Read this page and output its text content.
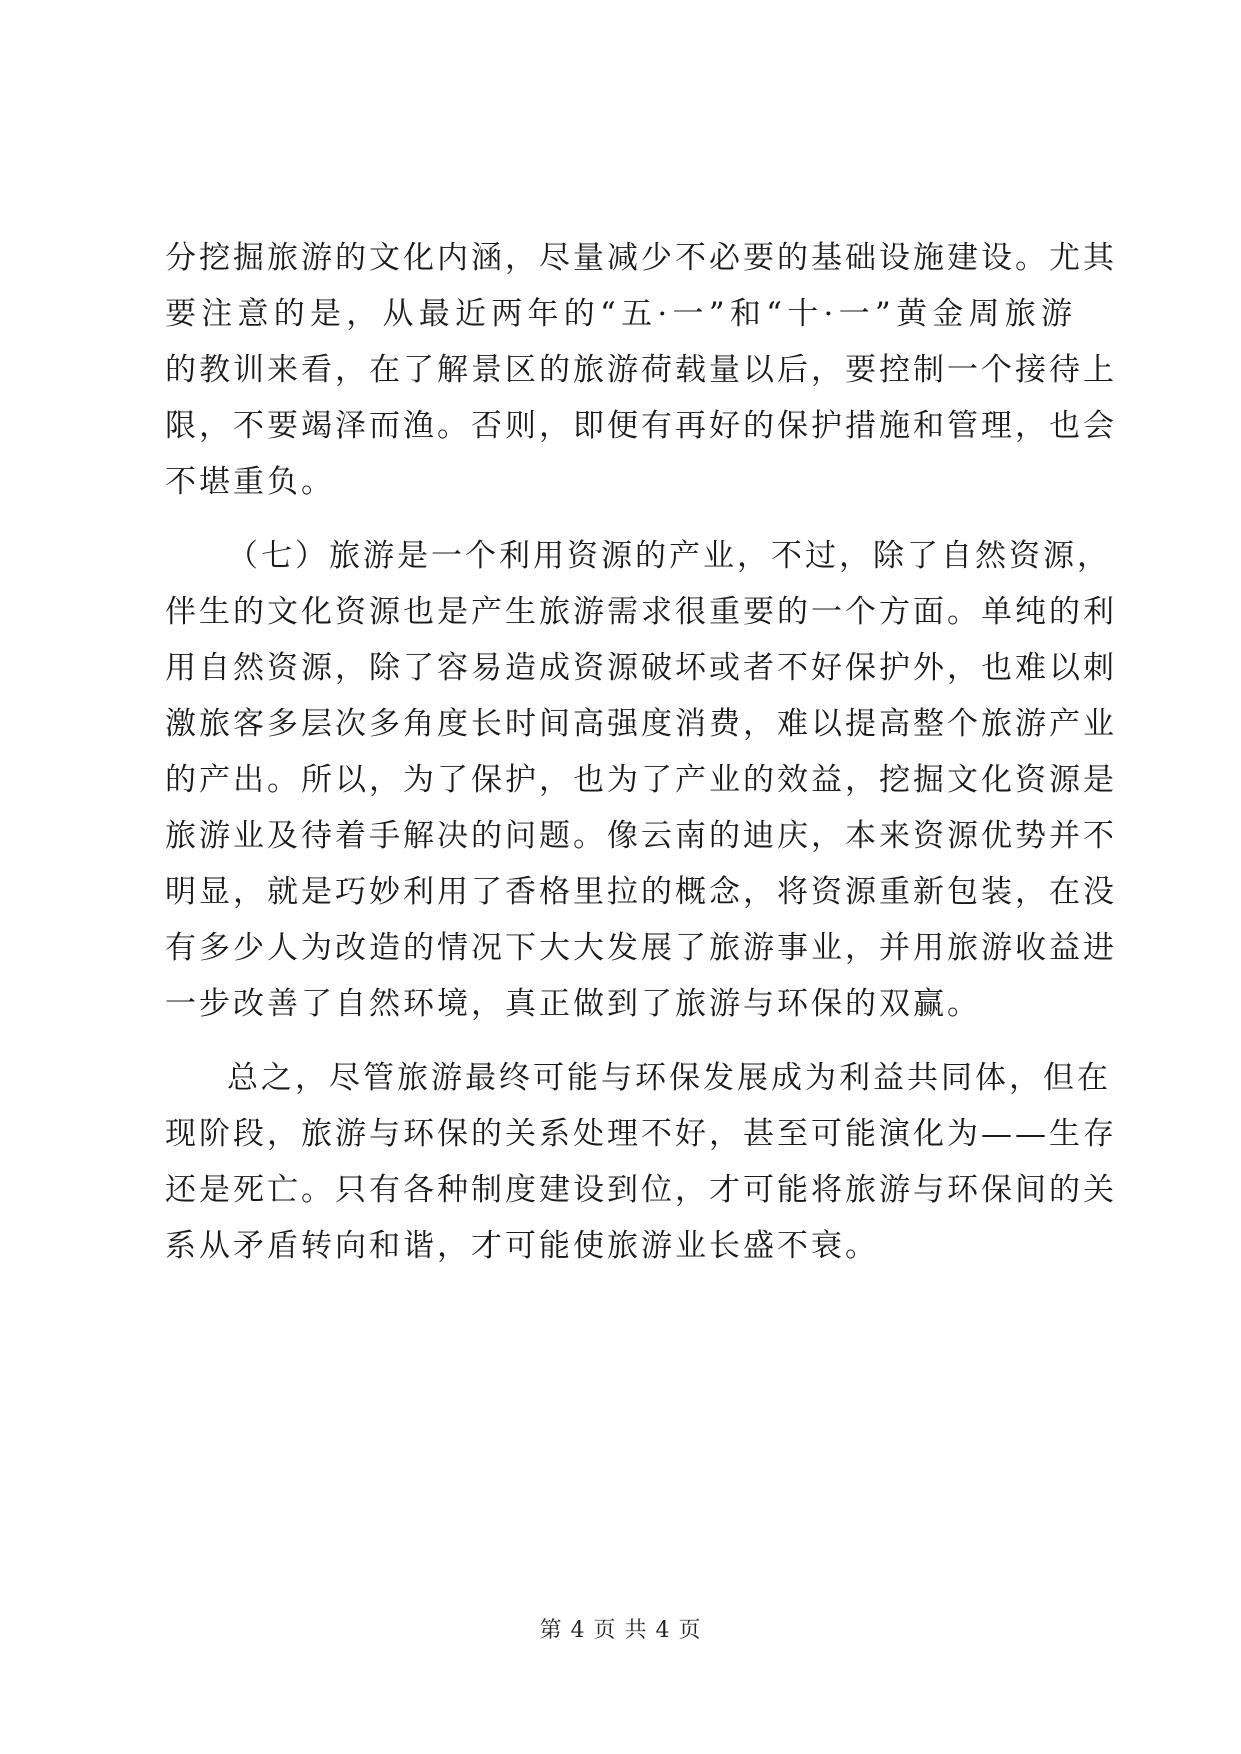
分挖掘旅游的文化内涵，尽量减少不必要的基础设施建设。尤其
要注意的是，从最近两年的“五·一”和“十·一”黄金周旅游
的教训来看，在了解景区的旅游荷载量以后，要控制一个接待上
限，不要竭泽而渔。否则，即便有再好的保护措施和管理，也会
不堪重负。
（七）旅游是一个利用资源的产业，不过，除了自然资源，
伴生的文化资源也是产生旅游需求很重要的一个方面。单纯的利
用自然资源，除了容易造成资源破坏或者不好保护外，也难以刺
激旅客多层次多角度长时间高强度消费，难以提高整个旅游产业
的产出。所以，为了保护，也为了产业的效益，挖掘文化资源是
旅游业及待着手解决的问题。像云南的迪庆，本来资源优势并不
明显，就是巧妙利用了香格里拉的概念，将资源重新包装，在没
有多少人为改造的情况下大大发展了旅游事业，并用旅游收益进
一步改善了自然环境，真正做到了旅游与环保的双赢。
总之，尽管旅游最终可能与环保发展成为利益共同体，但在
现阶段，旅游与环保的关系处理不好，甚至可能演化为——生存
还是死亡。只有各种制度建设到位，才可能将旅游与环保间的关
系从矛盾转向和谐，才可能使旅游业长盛不衰。
第 4 页 共 4 页
